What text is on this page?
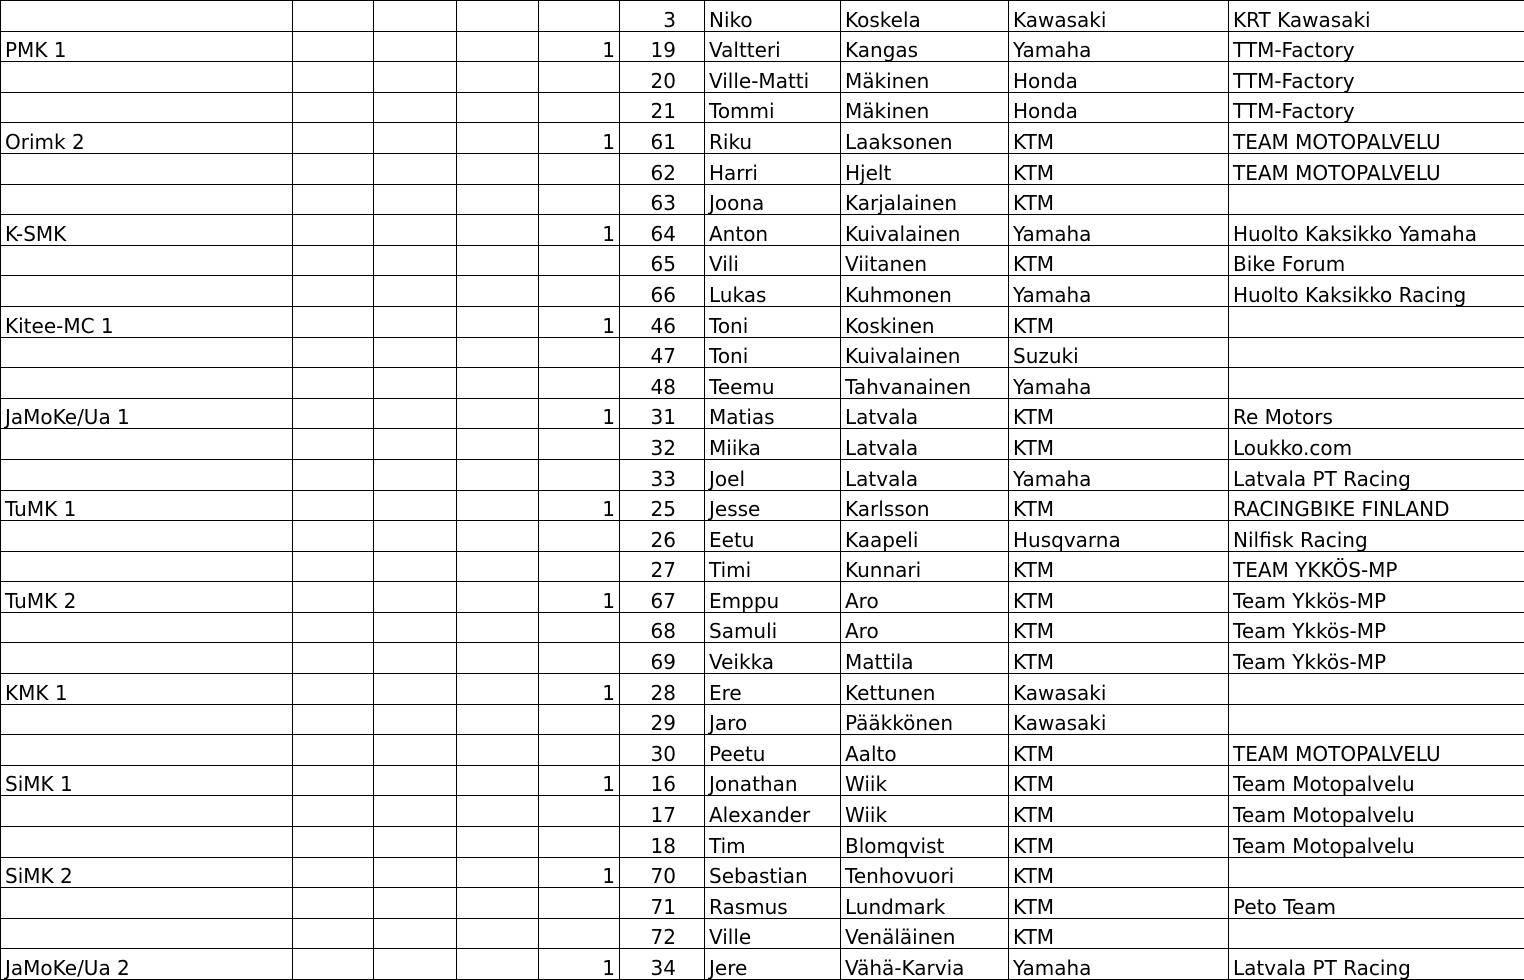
					3	Niko	Koskela	Kawasaki	KRT Kawasaki
PMK 1				1	19	Valtteri	Kangas	Yamaha	TTM-Factory
					20	Ville-Matti	Mäkinen	Honda	TTM-Factory
					21	Tommi	Mäkinen	Honda	TTM-Factory
Orimk 2				1	61	Riku	Laaksonen	KTM	TEAM MOTOPALVELU
					62	Harri	Hjelt	KTM	TEAM MOTOPALVELU
					63	Joona	Karjalainen	KTM	
K-SMK				1	64	Anton	Kuivalainen	Yamaha	Huolto Kaksikko Yamaha
					65	Vili	Viitanen	KTM	Bike Forum
					66	Lukas	Kuhmonen	Yamaha	Huolto Kaksikko Racing
Kitee-MC 1				1	46	Toni	Koskinen	KTM	
					47	Toni	Kuivalainen	Suzuki	
					48	Teemu	Tahvanainen	Yamaha	
JaMoKe/Ua 1				1	31	Matias	Latvala	KTM	Re Motors
					32	Miika	Latvala	KTM	Loukko.com
					33	Joel	Latvala	Yamaha	Latvala PT Racing
TuMK 1				1	25	Jesse	Karlsson	KTM	RACINGBIKE FINLAND
					26	Eetu	Kaapeli	Husqvarna	Nilfisk Racing
					27	Timi	Kunnari	KTM	TEAM YKKÖS-MP
TuMK 2				1	67	Emppu	Aro	KTM	Team Ykkös-MP
					68	Samuli	Aro	KTM	Team Ykkös-MP
					69	Veikka	Mattila	KTM	Team Ykkös-MP
KMK 1				1	28	Ere	Kettunen	Kawasaki	
					29	Jaro	Pääkkönen	Kawasaki	
					30	Peetu	Aalto	KTM	TEAM MOTOPALVELU
SiMK 1				1	16	Jonathan	Wiik	KTM	Team Motopalvelu
					17	Alexander	Wiik	KTM	Team Motopalvelu
					18	Tim	Blomqvist	KTM	Team Motopalvelu
SiMK 2				1	70	Sebastian	Tenhovuori	KTM	
					71	Rasmus	Lundmark	KTM	Peto Team
					72	Ville	Venäläinen	KTM	
JaMoKe/Ua 2				1	34	Jere	Vähä-Karvia	Yamaha	Latvala PT Racing
